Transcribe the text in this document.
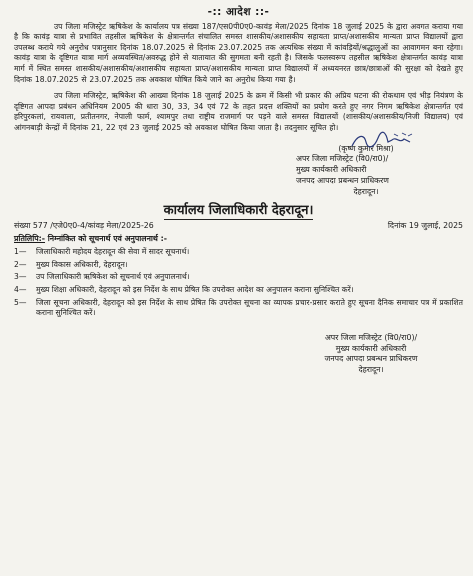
-:: आदेश ::-

उप जिला मजिस्ट्रेट ऋषिकेश के कार्यालय पत्र संख्या 187/एस0पी0ए0-कावंड़ मेला/2025 दिनांक 18 जुलाई 2025 के द्वारा अवगत कराया गया है कि कावंड़ यात्रा से प्रभावित तहसील ऋषिकेश के क्षेत्रान्तर्गत संचालित समस्त शासकीय/अशासकीय सहायता प्राप्त/अशासकीय मान्यता प्राप्त विद्यालयों द्वारा उपलब्ध कराये गये अनुरोध पत्रानुसार दिनांक 18.07.2025 से दिनांक 23.07.2025 तक अत्यधिक संख्या में कांवड़ियों/श्रद्धालुओं का आवागमन बना रहेगा। कावंड़ यात्रा के दृष्टिगत यात्रा मार्ग अव्यवस्थित/अवरुद्ध होने से यातायात की सुगमता बनी रहती है। जिसके फलस्वरूप तहसील ऋषिकेश क्षेत्रान्तर्गत कावंड़ यात्रा मार्ग में स्थित समस्त शासकीय/अशासकीय/अशासकीय सहायता प्राप्त/अशासकीय मान्यता प्राप्त विद्यालयों में अध्ययनरत छात्र/छात्राओं की सुरक्षा को देखते हुए दिनांक 18.07.2025 से 23.07.2025 तक अवकाश घोषित किये जाने का अनुरोध किया गया है।

उप जिला मजिस्ट्रेट, ऋषिकेश की आख्या दिनांक 18 जुलाई 2025 के क्रम में किसी भी प्रकार की अप्रिय घटना की रोकथाम एवं भीड़ नियंत्रण के दृष्टिगत आपदा प्रबंधन अधिनियम 2005 की धारा 30, 33, 34 एवं 72 के तहत प्रदत्त शक्तियों का प्रयोग करते हुए नगर निगम ऋषिकेश क्षेत्रान्तर्गत एवं हरिपुरकलां, रायवाला, प्रतीतनगर, नेपाली फार्म, श्यामपुर तथा राष्ट्रीय राजमार्ग पर पड़ने वाले समस्त विद्यालयों (शासकीय/अशासकीय/निजी विद्यालय) एवं आंगनबाड़ी केन्द्रों में दिनांक 21, 22 एवं 23 जुलाई 2025 को अवकाश घोषित किया जाता है। तदनुसार सूचित हो।

(कृष्ण कुमार मिश्रा)
अपर जिला मजिस्ट्रेट (वि0/रा0)/
मुख्य कार्यकारी अधिकारी
जनपद आपदा प्रबन्धन प्राधिकरण
देहरादून।
कार्यालय जिलाधिकारी देहरादून।
संख्या 577 /एजे0ए0-4/कांवड़ मेला/2025-26	दिनांक 19 जुलाई, 2025
प्रतिलिपि:- निम्नांकित को सूचनार्थ एवं अनुपालनार्थ :-
1—	जिलाधिकारी महोदय देहरादून की सेवा में सादर सूचनार्थ।
2—	मुख्य विकास अधिकारी, देहरादून।
3—	उप जिलाधिकारी ऋषिकेश को सूचनार्थ एवं अनुपालनार्थ।
4—	मुख्य शिक्षा अधिकारी, देहरादून को इस निर्देश के साथ प्रेषित कि उपरोक्त आदेश का अनुपालन कराना सुनिश्चित करें।
5—	जिला सूचना अधिकारी, देहरादून को इस निर्देश के साथ प्रेषित कि उपरोक्त सूचना का व्यापक प्रचार-प्रसार कराते हुए सूचना दैनिक समाचार पत्र में प्रकाशित कराना सुनिश्चित करें।
अपर जिला मजिस्ट्रेट (वि0/रा0)/
मुख्य कार्यकारी अधिकारी
जनपद आपदा प्रबन्धन प्राधिकरण
देहरादून।
